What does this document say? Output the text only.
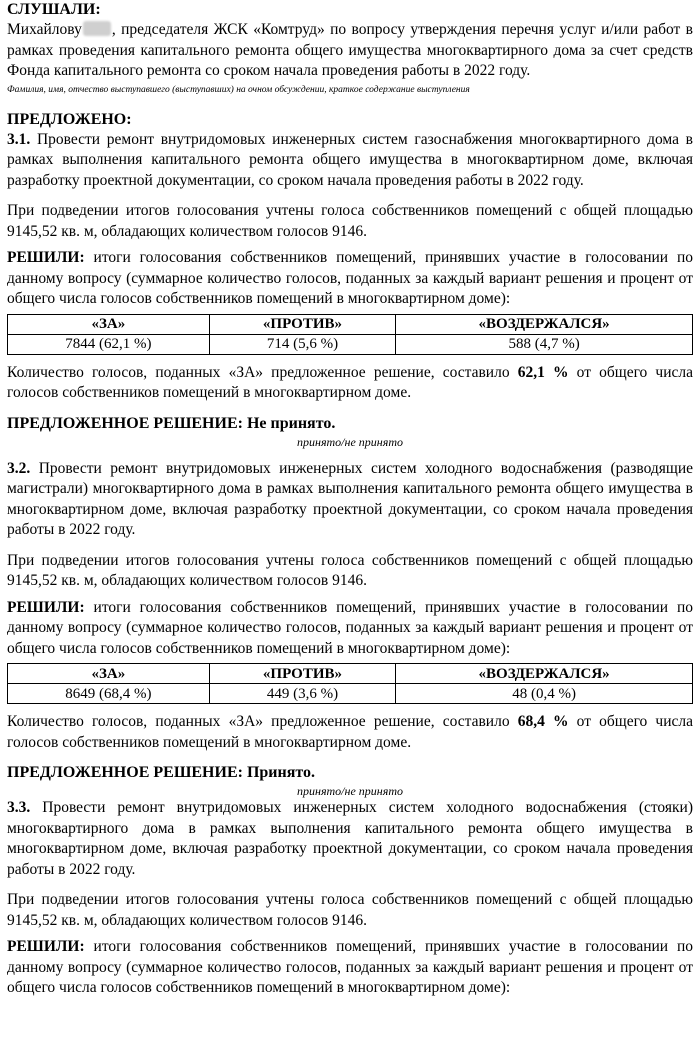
СЛУШАЛИ:

Михайлову , председателя ЖСК «Комтруд» по вопросу утверждения перечня услуг и/или работ в рамках проведения капитального ремонта общего имущества многоквартирного дома за счет средств Фонда капитального ремонта со сроком начала проведения работы в 2022 году.

Фамилия, имя, отчество выступавшего (выступавших) на очном обсуждении, краткое содержание выступления

ПРЕДЛОЖЕНО:

3.1. Провести ремонт внутридомовых инженерных систем газоснабжения многоквартирного дома в рамках выполнения капитального ремонта общего имущества в многоквартирном доме, включая разработку проектной документации, со сроком начала проведения работы в 2022 году.

При подведении итогов голосования учтены голоса собственников помещений с общей площадью 9145,52 кв. м, обладающих количеством голосов 9146.

РЕШИЛИ: итоги голосования собственников помещений, принявших участие в голосовании по данному вопросу (суммарное количество голосов, поданных за каждый вариант решения и процент от общего числа голосов собственников помещений в многоквартирном доме):

«ЗА»	«ПРОТИВ»	«ВОЗДЕРЖАЛСЯ»
7844 (62,1 %)	714 (5,6 %)	588 (4,7 %)

Количество голосов, поданных «ЗА» предложенное решение, составило 62,1 % от общего числа голосов собственников помещений в многоквартирном доме.

ПРЕДЛОЖЕННОЕ РЕШЕНИЕ: Не принято.

принято/не принято

3.2. Провести ремонт внутридомовых инженерных систем холодного водоснабжения (разводящие магистрали) многоквартирного дома в рамках выполнения капитального ремонта общего имущества в многоквартирном доме, включая разработку проектной документации, со сроком начала проведения работы в 2022 году.

При подведении итогов голосования учтены голоса собственников помещений с общей площадью 9145,52 кв. м, обладающих количеством голосов 9146.

РЕШИЛИ: итоги голосования собственников помещений, принявших участие в голосовании по данному вопросу (суммарное количество голосов, поданных за каждый вариант решения и процент от общего числа голосов собственников помещений в многоквартирном доме):

«ЗА»	«ПРОТИВ»	«ВОЗДЕРЖАЛСЯ»
8649 (68,4 %)	449 (3,6 %)	48 (0,4 %)

Количество голосов, поданных «ЗА» предложенное решение, составило 68,4 % от общего числа голосов собственников помещений в многоквартирном доме.

ПРЕДЛОЖЕННОЕ РЕШЕНИЕ: Принято.

принято/не принято

3.3. Провести ремонт внутридомовых инженерных систем холодного водоснабжения (стояки) многоквартирного дома в рамках выполнения капитального ремонта общего имущества в многоквартирном доме, включая разработку проектной документации, со сроком начала проведения работы в 2022 году.

При подведении итогов голосования учтены голоса собственников помещений с общей площадью 9145,52 кв. м, обладающих количеством голосов 9146.

РЕШИЛИ: итоги голосования собственников помещений, принявших участие в голосовании по данному вопросу (суммарное количество голосов, поданных за каждый вариант решения и процент от общего числа голосов собственников помещений в многоквартирном доме):
